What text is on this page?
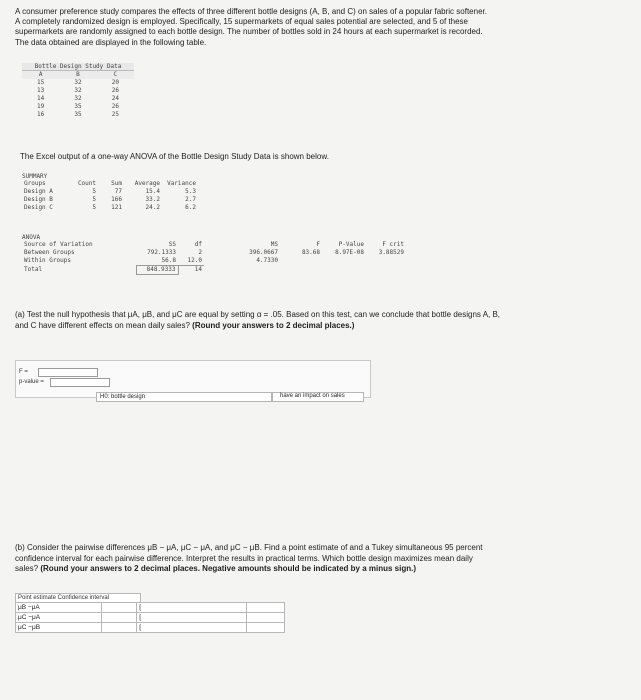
A consumer preference study compares the effects of three different bottle designs (A, B, and C) on sales of a popular fabric softener.
A completely randomized design is employed. Specifically, 15 supermarkets of equal sales potential are selected, and 5 of these
supermarkets are randomly assigned to each bottle design. The number of bottles sold in 24 hours at each supermarket is recorded.
The data obtained are displayed in the following table.
Bottle Design Study Data
A	B	C
15	32	20
13	32	26
14	32	24
19	35	26
16	35	25
The Excel output of a one-way ANOVA of the Bottle Design Study Data is shown below.
SUMMARY
Groups	Count	Sum	Average	Variance
Design A	5	77	15.4	5.3
Design B	5	166	33.2	2.7
Design C	5	121	24.2	6.2
ANOVA
Source of Variation	SS	df	MS	F	P-Value	F crit
Between Groups	792.1333	2	396.0667	83.68	8.97E-08	3.88529
Within Groups	56.8	12.0	4.7330			
Total	848.9333	14				
(a) Test the null hypothesis that μA, μB, and μC are equal by setting α = .05. Based on this test, can we conclude that bottle designs A, B,
and C have different effects on mean daily sales? (Round your answers to 2 decimal places.)
F =
p-value =
H0: bottle design	have an impact on sales
(b) Consider the pairwise differences μB − μA, μC − μA, and μC − μB. Find a point estimate of and a Tukey simultaneous 95 percent
confidence interval for each pairwise difference. Interpret the results in practical terms. Which bottle design maximizes mean daily
sales? (Round your answers to 2 decimal places. Negative amounts should be indicated by a minus sign.)
Point estimate Confidence interval
μB −μA		[		
μC −μA		[		
μC −μB		[		
